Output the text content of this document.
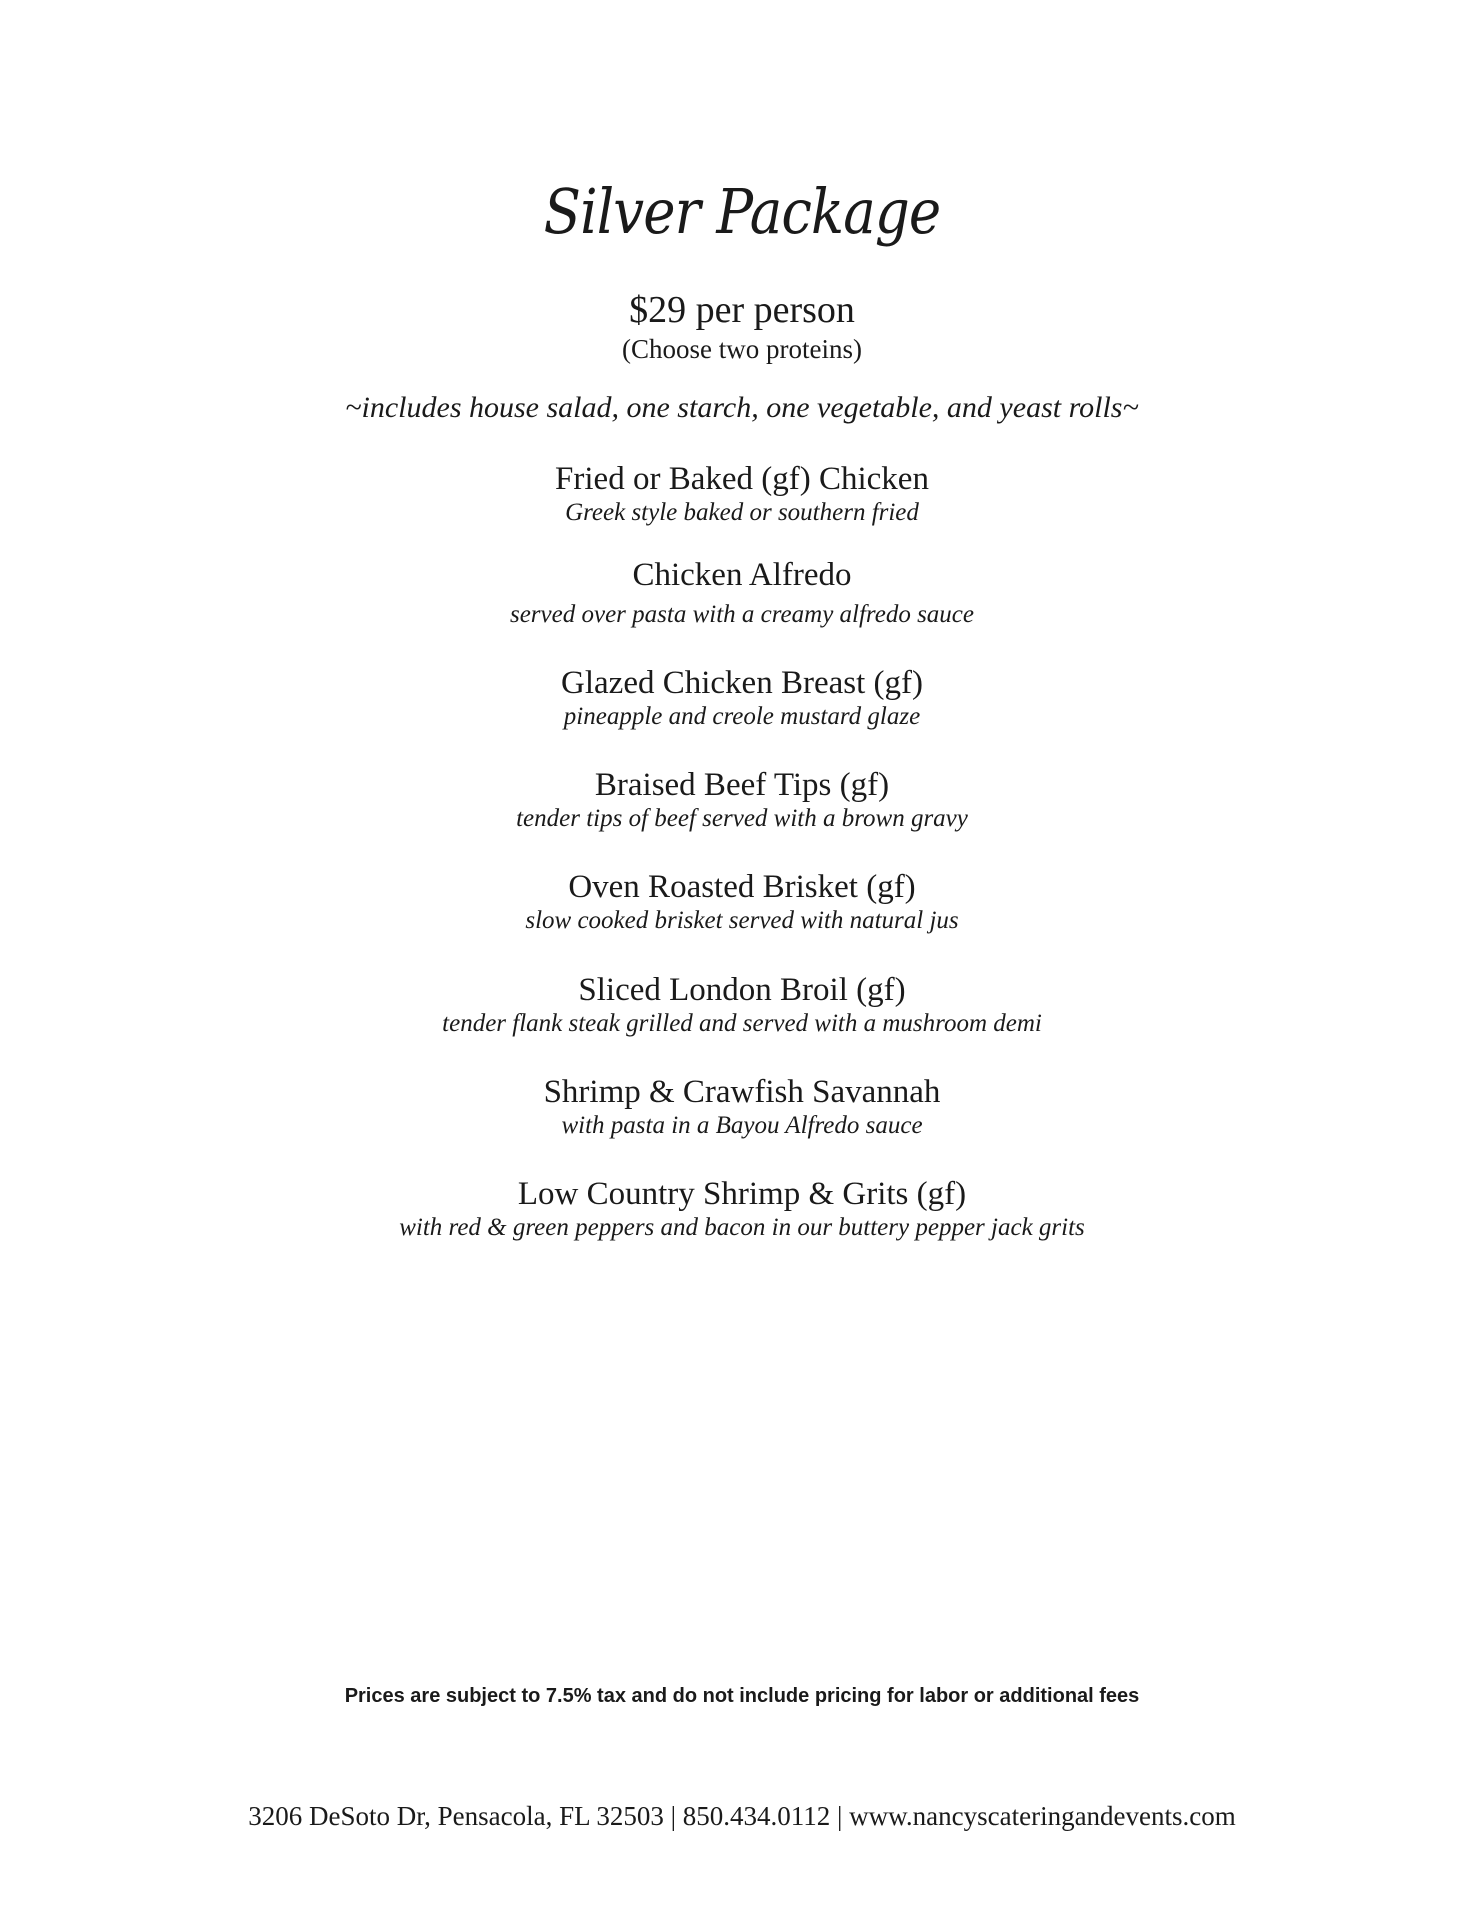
Silver Package
$29 per person
(Choose two proteins)
~includes house salad, one starch, one vegetable, and yeast rolls~
Fried or Baked (gf) Chicken
Greek style baked or southern fried
Chicken Alfredo
served over pasta with a creamy alfredo sauce
Glazed Chicken Breast (gf)
pineapple and creole mustard glaze
Braised Beef Tips (gf)
tender tips of beef served with a brown gravy
Oven Roasted Brisket (gf)
slow cooked brisket served with natural jus
Sliced London Broil (gf)
tender flank steak grilled and served with a mushroom demi
Shrimp & Crawfish Savannah
with pasta in a Bayou Alfredo sauce
Low Country Shrimp & Grits (gf)
with red & green peppers and bacon in our buttery pepper jack grits
Prices are subject to 7.5% tax and do not include pricing for labor or additional fees
3206 DeSoto Dr, Pensacola, FL 32503 | 850.434.0112 | www.nancyscateringandevents.com
